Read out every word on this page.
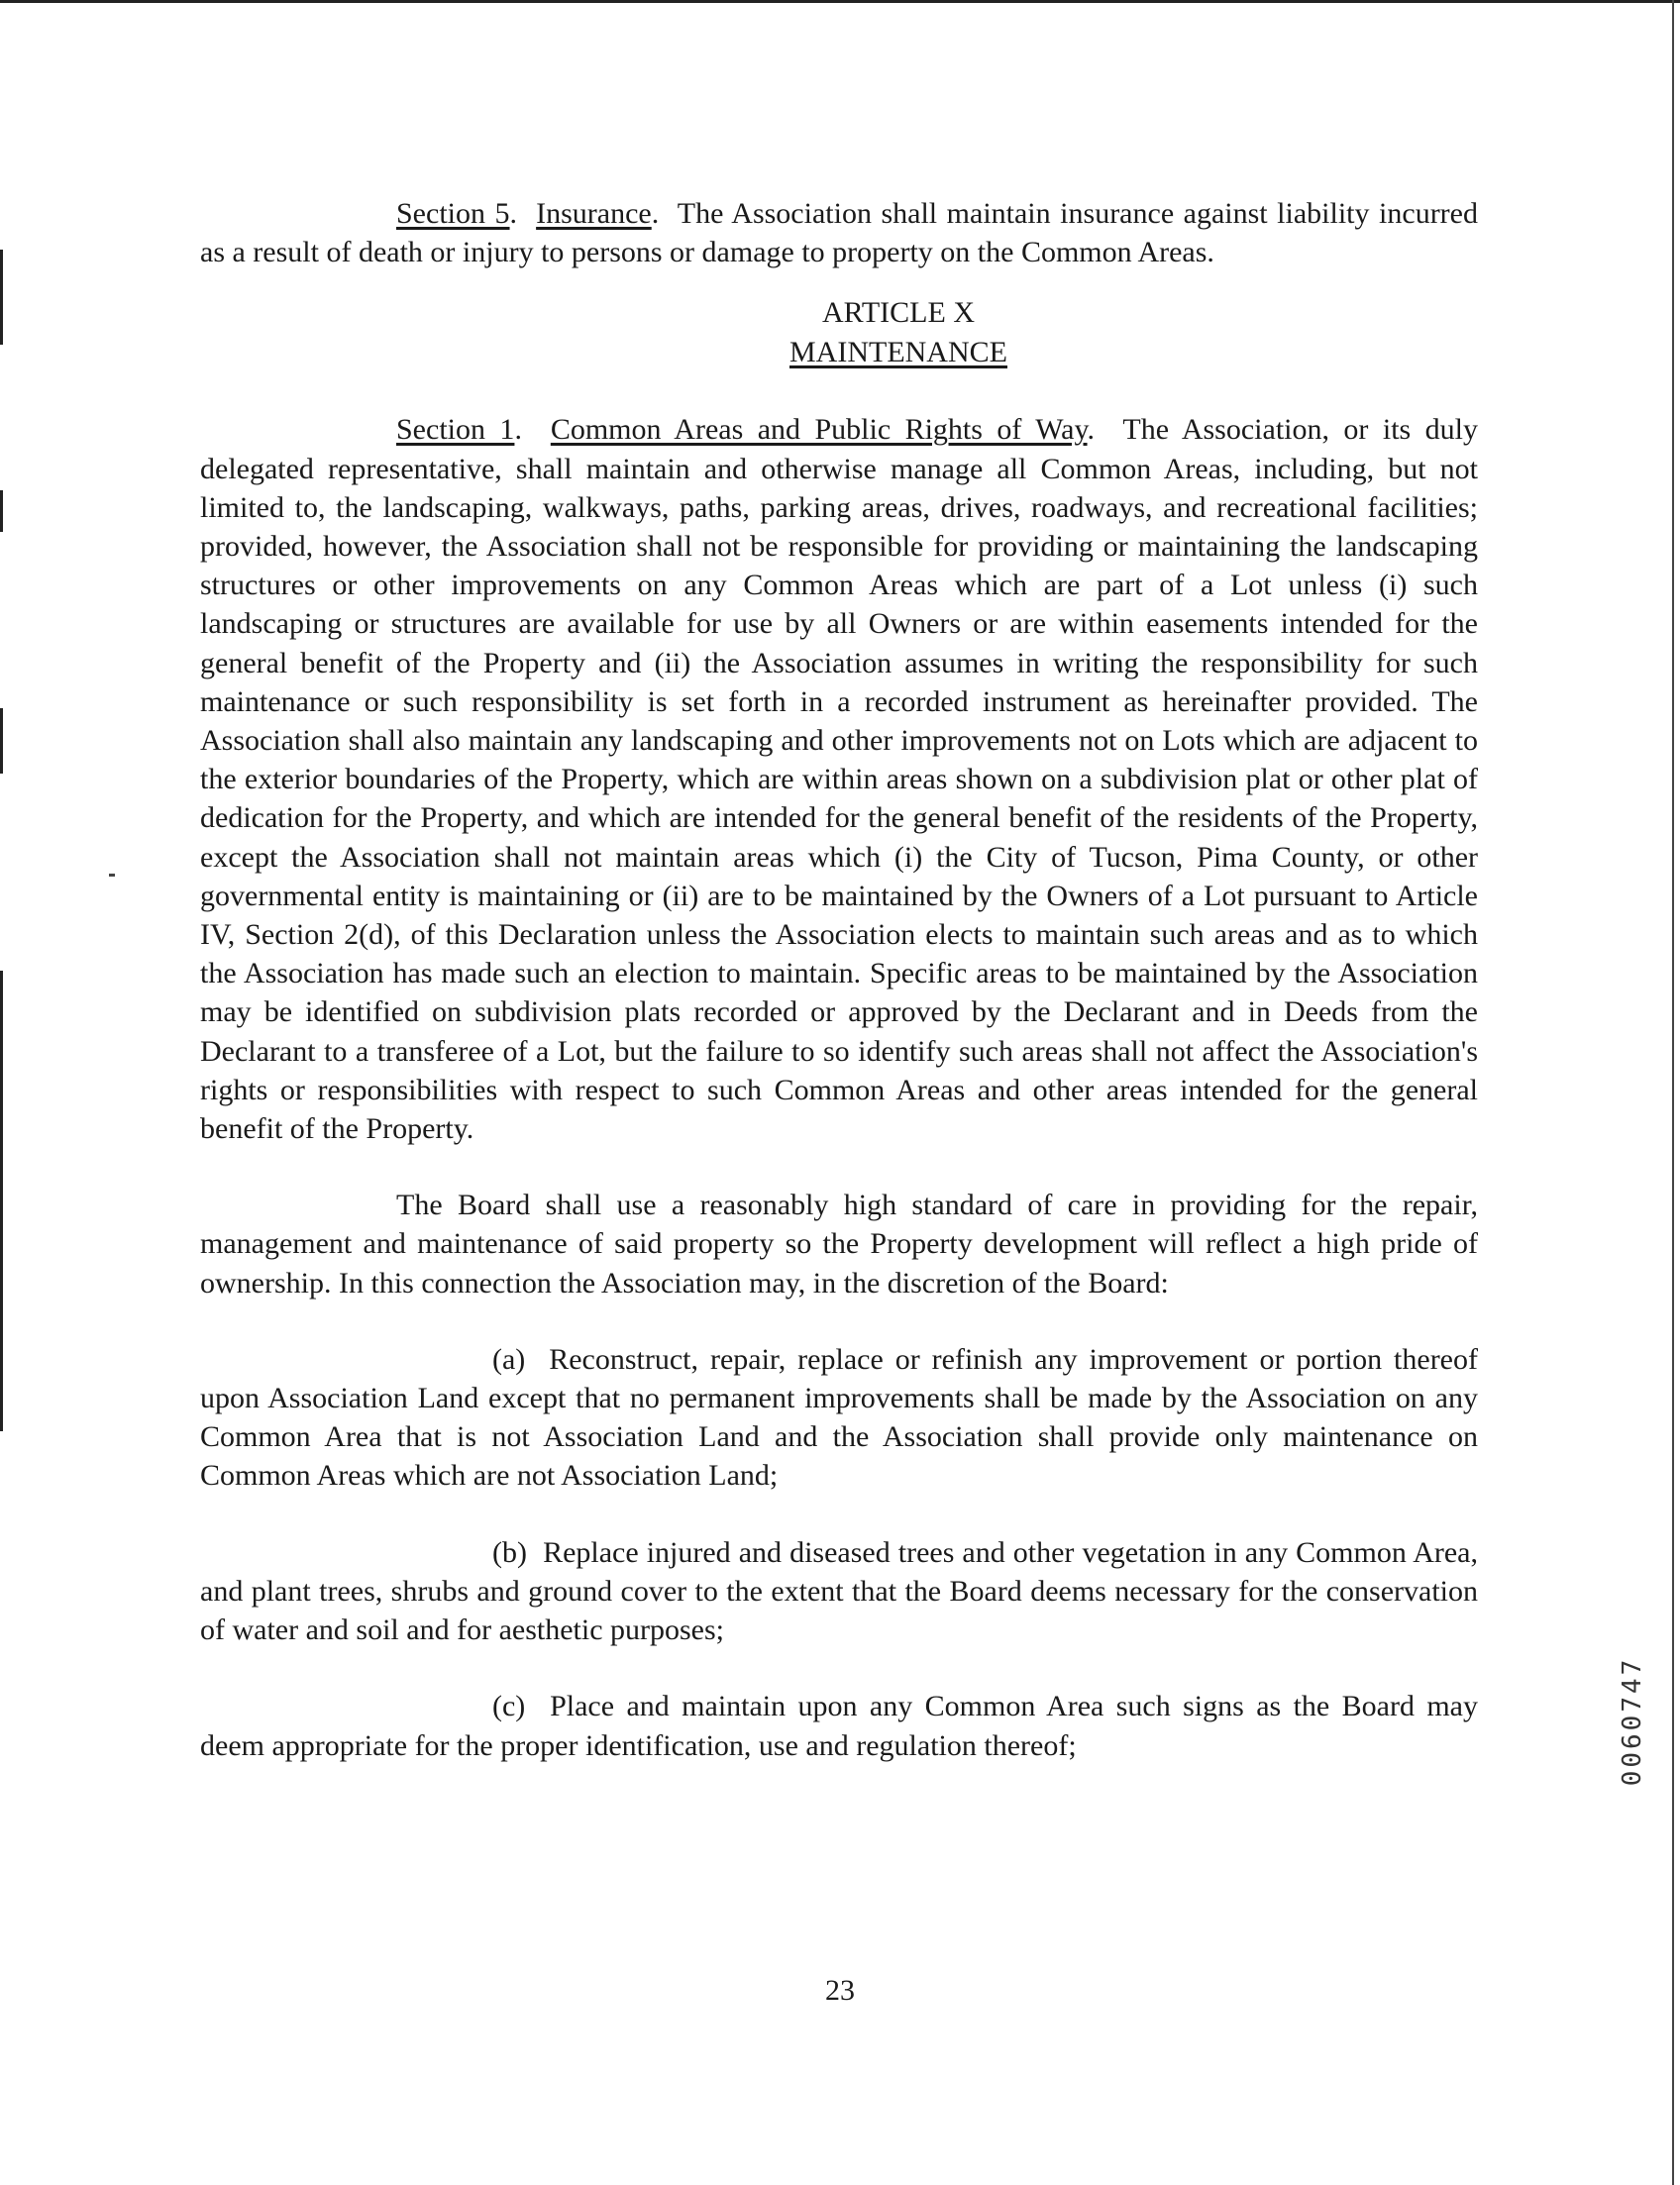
Section 5.  Insurance.  The Association shall maintain insurance against liability incurred as a result of death or injury to persons or damage to property on the Common Areas.

ARTICLE X
MAINTENANCE

Section 1.  Common Areas and Public Rights of Way.  The Association, or its duly delegated representative, shall maintain and otherwise manage all Common Areas, including, but not limited to, the landscaping, walkways, paths, parking areas, drives, roadways, and recreational facilities; provided, however, the Association shall not be responsible for providing or maintaining the landscaping structures or other improvements on any Common Areas which are part of a Lot unless (i) such landscaping or structures are available for use by all Owners or are within easements intended for the general benefit of the Property and (ii) the Association assumes in writing the responsibility for such maintenance or such responsibility is set forth in a recorded instrument as hereinafter provided. The Association shall also maintain any landscaping and other improvements not on Lots which are adjacent to the exterior boundaries of the Property, which are within areas shown on a subdivision plat or other plat of dedication for the Property, and which are intended for the general benefit of the residents of the Property, except the Association shall not maintain areas which (i) the City of Tucson, Pima County, or other governmental entity is maintaining or (ii) are to be maintained by the Owners of a Lot pursuant to Article IV, Section 2(d), of this Declaration unless the Association elects to maintain such areas and as to which the Association has made such an election to maintain. Specific areas to be maintained by the Association may be identified on subdivision plats recorded or approved by the Declarant and in Deeds from the Declarant to a transferee of a Lot, but the failure to so identify such areas shall not affect the Association's rights or responsibilities with respect to such Common Areas and other areas intended for the general benefit of the Property.

The Board shall use a reasonably high standard of care in providing for the repair, management and maintenance of said property so the Property development will reflect a high pride of ownership. In this connection the Association may, in the discretion of the Board:

(a) Reconstruct, repair, replace or refinish any improvement or portion thereof upon Association Land except that no permanent improvements shall be made by the Association on any Common Area that is not Association Land and the Association shall provide only maintenance on Common Areas which are not Association Land;

(b) Replace injured and diseased trees and other vegetation in any Common Area, and plant trees, shrubs and ground cover to the extent that the Board deems necessary for the conservation of water and soil and for aesthetic purposes;

(c) Place and maintain upon any Common Area such signs as the Board may deem appropriate for the proper identification, use and regulation thereof;

23
0060747
